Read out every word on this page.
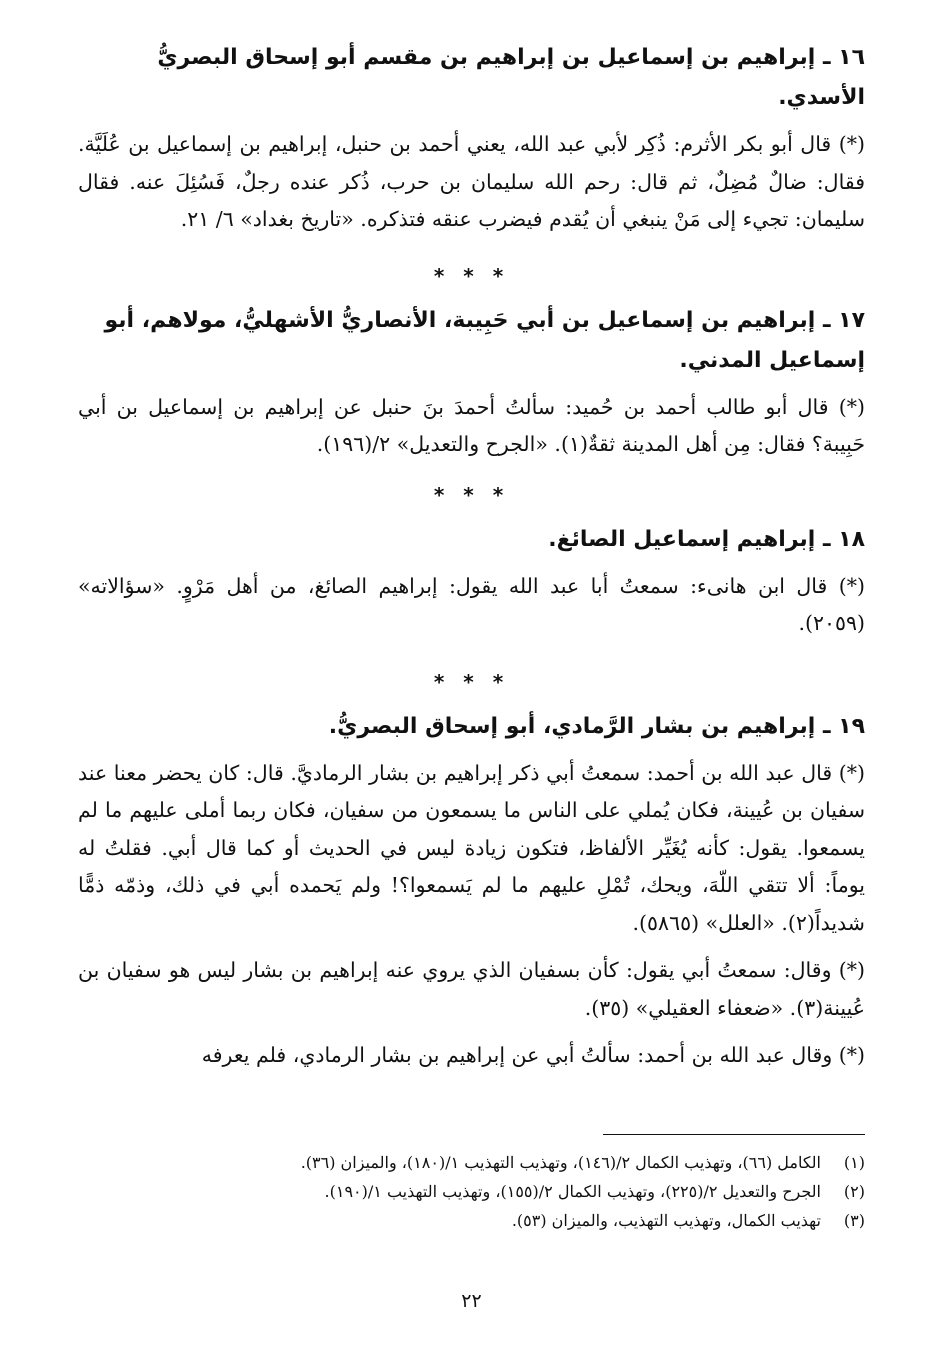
١٦ ـ إبراهيم بن إسماعيل بن إبراهيم بن مقسم أبو إسحاق البصريُّ الأسدي.

(*) قال أبو بكر الأثرم: ذُكِر لأبي عبد الله، يعني أحمد بن حنبل، إبراهيم بن إسماعيل بن عُلَيَّة. فقال: ضالٌ مُضِلٌ، ثم قال: رحم الله سليمان بن حرب، ذُكر عنده رجلٌ، فَسُئِلَ عنه. فقال سليمان: تجيء إلى مَنْ ينبغي أن يُقدم فيضرب عنقه فتذكره. «تاريخ بغداد» ٦/ ٢١.

* * *
١٧ ـ إبراهيم بن إسماعيل بن أبي حَبِيبة، الأنصاريُّ الأشهليُّ، مولاهم، أبو إسماعيل المدني.

(*) قال أبو طالب أحمد بن حُميد: سألتُ أحمدَ بنَ حنبل عن إبراهيم بن إسماعيل بن أبي حَبِيبة؟ فقال: مِن أهل المدينة ثقةٌ(١). «الجرح والتعديل» ٢/(١٩٦).

* * *
١٨ ـ إبراهيم إسماعيل الصائغ.

(*) قال ابن هانىء: سمعتُ أبا عبد الله يقول: إبراهيم الصائغ، من أهل مَرْوٍ. «سؤالاته» (٢٠٥٩).

* * *
١٩ ـ إبراهيم بن بشار الرَّمادي، أبو إسحاق البصريُّ.

(*) قال عبد الله بن أحمد: سمعتُ أبي ذكر إبراهيم بن بشار الرماديَّ. قال: كان يحضر معنا عند سفيان بن عُيينة، فكان يُملي على الناس ما يسمعون من سفيان، فكان ربما أملى عليهم ما لم يسمعوا. يقول: كأنه يُغَيِّر الألفاظ، فتكون زيادة ليس في الحديث أو كما قال أبي. فقلتُ له يوماً: ألا تتقي اللّهَ، ويحك، تُمْلِ عليهم ما لم يَسمعوا؟! ولم يَحمده أبي في ذلك، وذمّه ذمًّا شديداً(٢). «العلل» (٥٨٦٥).

(*) وقال: سمعتُ أبي يقول: كأن بسفيان الذي يروي عنه إبراهيم بن بشار ليس هو سفيان بن عُيينة(٣). «ضعفاء العقيلي» (٣٥).

(*) وقال عبد الله بن أحمد: سألتُ أبي عن إبراهيم بن بشار الرمادي، فلم يعرفه

(١)الكامل (٦٦)، وتهذيب الكمال ٢/(١٤٦)، وتهذيب التهذيب ١/(١٨٠)، والميزان (٣٦).
(٢)الجرح والتعديل ٢/(٢٢٥)، وتهذيب الكمال ٢/(١٥٥)، وتهذيب التهذيب ١/(١٩٠).
(٣)تهذيب الكمال، وتهذيب التهذيب، والميزان (٥٣).
٢٢
